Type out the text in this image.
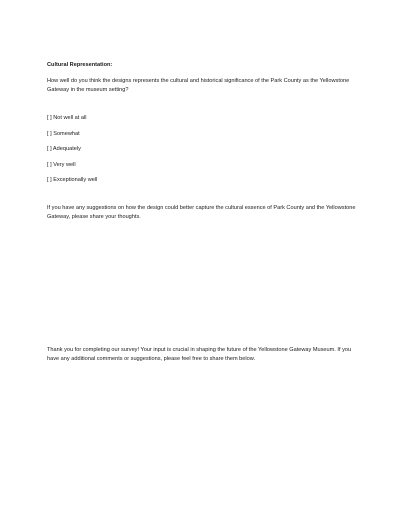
Cultural Representation:

How well do you think the designs represents the cultural and historical significance of the Park County as the Yellowstone Gateway in the museum setting?

[ ] Not well at all
[ ] Somewhat
[ ] Adequately
[ ] Very well
[ ] Exceptionally well

If you have any suggestions on how the design could better capture the cultural essence of Park County and the Yellowstone Gateway, please share your thoughts.

Thank you for completing our survey! Your input is crucial in shaping the future of the Yellowstone Gateway Museum. If you have any additional comments or suggestions, please feel free to share them below.
